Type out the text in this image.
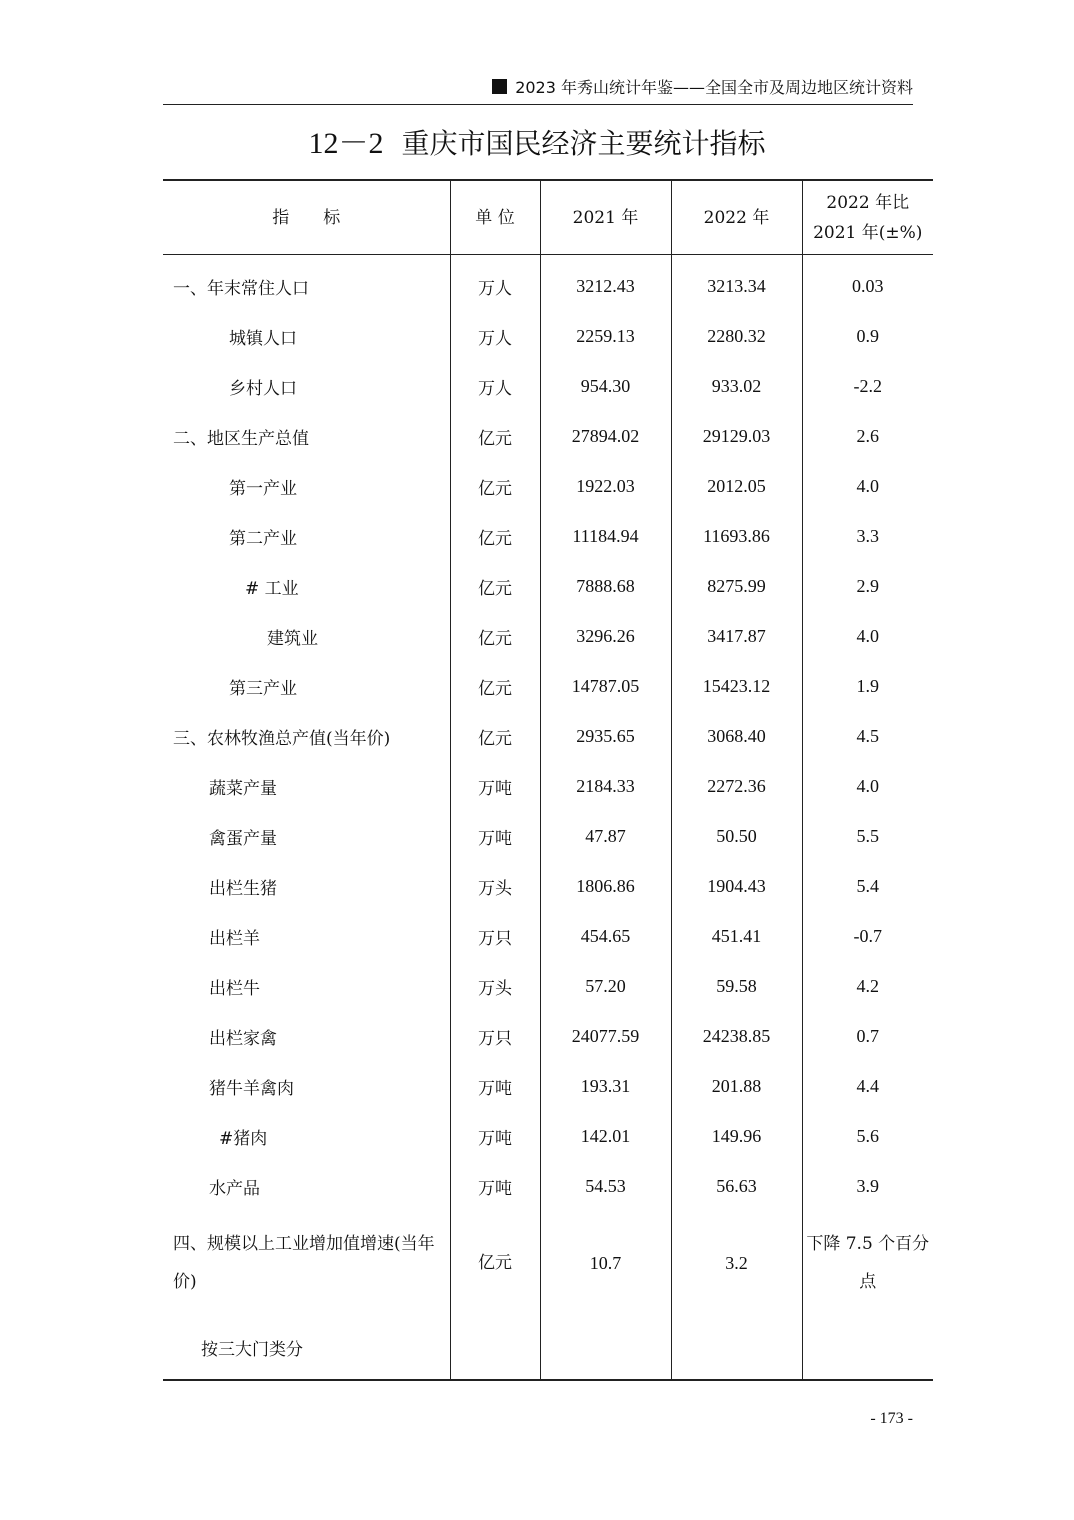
2023 年秀山统计年鉴——全国全市及周边地区统计资料
12－2 重庆市国民经济主要统计指标
指　　标	单 位	2021 年	2022 年	2022 年比
2021 年(±%)
一、年末常住人口	万人	3212.43	3213.34	0.03
城镇人口	万人	2259.13	2280.32	0.9
乡村人口	万人	954.30	933.02	-2.2
二、地区生产总值	亿元	27894.02	29129.03	2.6
第一产业	亿元	1922.03	2012.05	4.0
第二产业	亿元	11184.94	11693.86	3.3
# 工业	亿元	7888.68	8275.99	2.9
建筑业	亿元	3296.26	3417.87	4.0
第三产业	亿元	14787.05	15423.12	1.9
三、农林牧渔总产值(当年价)	亿元	2935.65	3068.40	4.5
蔬菜产量	万吨	2184.33	2272.36	4.0
禽蛋产量	万吨	47.87	50.50	5.5
出栏生猪	万头	1806.86	1904.43	5.4
出栏羊	万只	454.65	451.41	-0.7
出栏牛	万头	57.20	59.58	4.2
出栏家禽	万只	24077.59	24238.85	0.7
猪牛羊禽肉	万吨	193.31	201.88	4.4
#猪肉	万吨	142.01	149.96	5.6
水产品	万吨	54.53	56.63	3.9
四、规模以上工业增加值增速(当年价)	亿元	10.7	3.2	下降 7.5 个百分点
按三大门类分				
- 173 -
